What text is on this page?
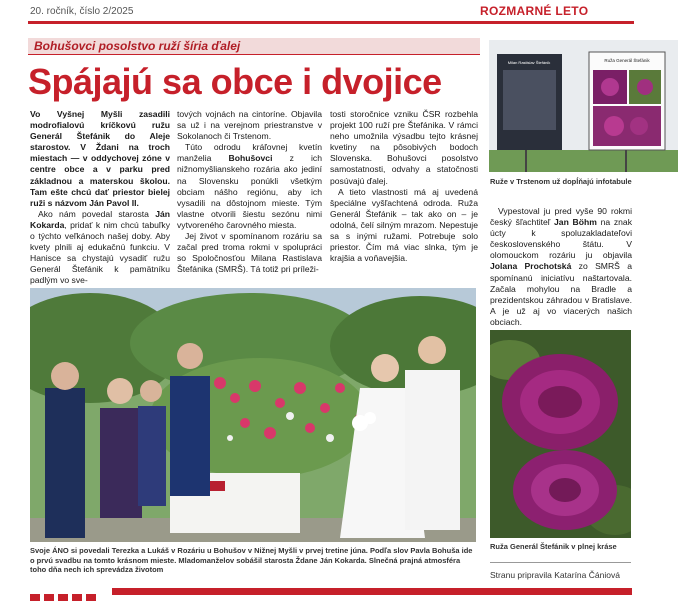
20. ročník, číslo 2/2025	ROZMARNÉ LETO
Bohušovci posolstvo ruží šíria ďalej
Spájajú sa obce i dvojice

Vo Vyšnej Myšli zasadili modrofialovú kríčkovú ružu Generál Štefánik do Aleje starostov. V Ždani na troch miestach — v oddychovej zóne v centre obce a v parku pred základnou a materskou školou. Tam ešte chcú dať priestor bielej ruži s názvom Ján Pavol II.

Ako nám povedal starosta Ján Kokarda, pridať k nim chcú tabuľky o týchto veľkánoch našej doby. Aby kvety plnili aj edukačnú funkciu. V Hanisce sa chystajú vysadiť ružu Generál Štefánik k pamätníku padlým vo sve-

tových vojnách na cintoríne. Objavila sa už i na verejnom priestranstve v Sokolanoch či Trstenom.

Túto odrodu kráľovnej kvetín manželia Bohušovci z ich nižnomyšlianskeho rozária ako jediní na Slovensku ponúkli všetkým obciam nášho regiónu, aby ich vysadili na dôstojnom mieste. Tým vlastne otvorili šiestu sezónu nimi vytvoreného čarovného miesta.

Jej život v spomínanom rozáriu sa začal pred troma rokmi v spolupráci so Spoločnosťou Milana Rastislava Štefánika (SMRŠ). Tá totiž pri príleži-

tosti storočnice vzniku ČSR rozbehla projekt 100 ruží pre Štefánika. V rámci neho umožnila výsadbu tejto krásnej kvetiny na pôsobivých bodoch Slovenska. Bohušovci posolstvo samostatnosti, odvahy a statočnosti posúvajú ďalej.

A tieto vlastnosti má aj uvedená špeciálne vyšľachtená odroda. Ruža Generál Štefánik – tak ako on – je odolná, čelí silným mrazom. Nepestuje sa s inými ružami. Potrebuje solo priestor. Čím má viac slnka, tým je krajšia a voňavejšia.

Svoje ÁNO si povedali Terezka a Lukáš v Rozáriu u Bohušov v Nižnej Myšli v prvej tretine júna. Podľa slov Pavla Bohuša ide o prvú svadbu na tomto krásnom mieste. Mladomanželov sobášil starosta Ždane Ján Kokarda. Slnečná prajná atmosféra toho dňa nech ich sprevádza životom
Milan Rastislav Štefánik	Ruža Generál Štefánik
Ruže v Trstenom už dopĺňajú infotabule

Vypestoval ju pred vyše 90 rokmi český šľachtiteľ Jan Böhm na znak úcty k spoluzakladateľovi československého štátu. V olomouckom rozáriu ju objavila Jolana Prochotská zo SMRŠ a spomínanú iniciatívu naštartovala. Začala mohylou na Bradle a prezidentskou záhradou v Bratislave. A je už aj vo viacerých našich obciach.

Ruža Generál Štefánik v plnej kráse
Stranu pripravila Katarína Čániová
